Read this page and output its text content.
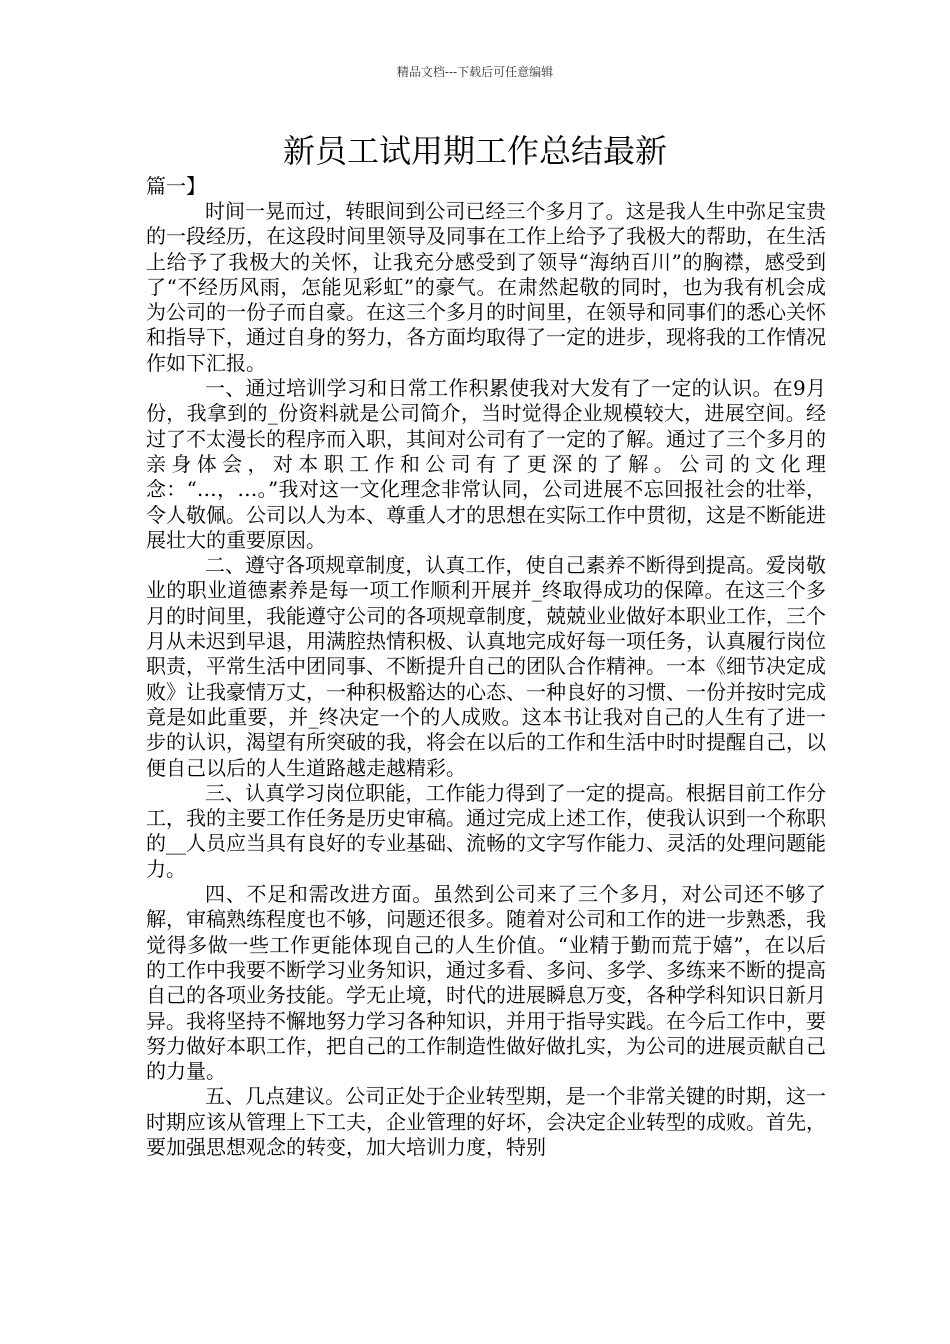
精品文档---下载后可任意编辑
新员工试用期工作总结最新
篇一】

时间一晃而过，转眼间到公司已经三个多月了。这是我人生中弥足宝贵的一段经历，在这段时间里领导及同事在工作上给予了我极大的帮助，在生活上给予了我极大的关怀，让我充分感受到了领导“海纳百川”的胸襟，感受到了“不经历风雨，怎能见彩虹”的豪气。在肃然起敬的同时，也为我有机会成为公司的一份子而自豪。在这三个多月的时间里，在领导和同事们的悉心关怀和指导下，通过自身的努力，各方面均取得了一定的进步，现将我的工作情况作如下汇报。

一、通过培训学习和日常工作积累使我对大发有了一定的认识。在9月份，我拿到的_份资料就是公司简介，当时觉得企业规模较大，进展空间。经过了不太漫长的程序而入职，其间对公司有了一定的了解。通过了三个多月的亲身体会，对本职工作和公司有了更深的了解。公司的文化理念：“…，…。”我对这一文化理念非常认同，公司进展不忘回报社会的壮举，令人敬佩。公司以人为本、尊重人才的思想在实际工作中贯彻，这是不断能进展壮大的重要原因。

二、遵守各项规章制度，认真工作，使自己素养不断得到提高。爱岗敬业的职业道德素养是每一项工作顺利开展并_终取得成功的保障。在这三个多月的时间里，我能遵守公司的各项规章制度，兢兢业业做好本职业工作，三个月从未迟到早退，用满腔热情积极、认真地完成好每一项任务，认真履行岗位职责，平常生活中团同事、不断提升自己的团队合作精神。一本《细节决定成败》让我豪情万丈，一种积极豁达的心态、一种良好的习惯、一份并按时完成竟是如此重要，并_终决定一个的人成败。这本书让我对自己的人生有了进一步的认识，渴望有所突破的我，将会在以后的工作和生活中时时提醒自己，以便自己以后的人生道路越走越精彩。

三、认真学习岗位职能，工作能力得到了一定的提高。根据目前工作分工，我的主要工作任务是历史审稿。通过完成上述工作，使我认识到一个称职的__人员应当具有良好的专业基础、流畅的文字写作能力、灵活的处理问题能力。

四、不足和需改进方面。虽然到公司来了三个多月，对公司还不够了解，审稿熟练程度也不够，问题还很多。随着对公司和工作的进一步熟悉，我觉得多做一些工作更能体现自己的人生价值。“业精于勤而荒于嬉”，在以后的工作中我要不断学习业务知识，通过多看、多问、多学、多练来不断的提高自己的各项业务技能。学无止境，时代的进展瞬息万变，各种学科知识日新月异。我将坚持不懈地努力学习各种知识，并用于指导实践。在今后工作中，要努力做好本职工作，把自己的工作制造性做好做扎实，为公司的进展贡献自己的力量。

五、几点建议。公司正处于企业转型期，是一个非常关键的时期，这一时期应该从管理上下工夫，企业管理的好坏，会决定企业转型的成败。首先，要加强思想观念的转变，加大培训力度，特别
